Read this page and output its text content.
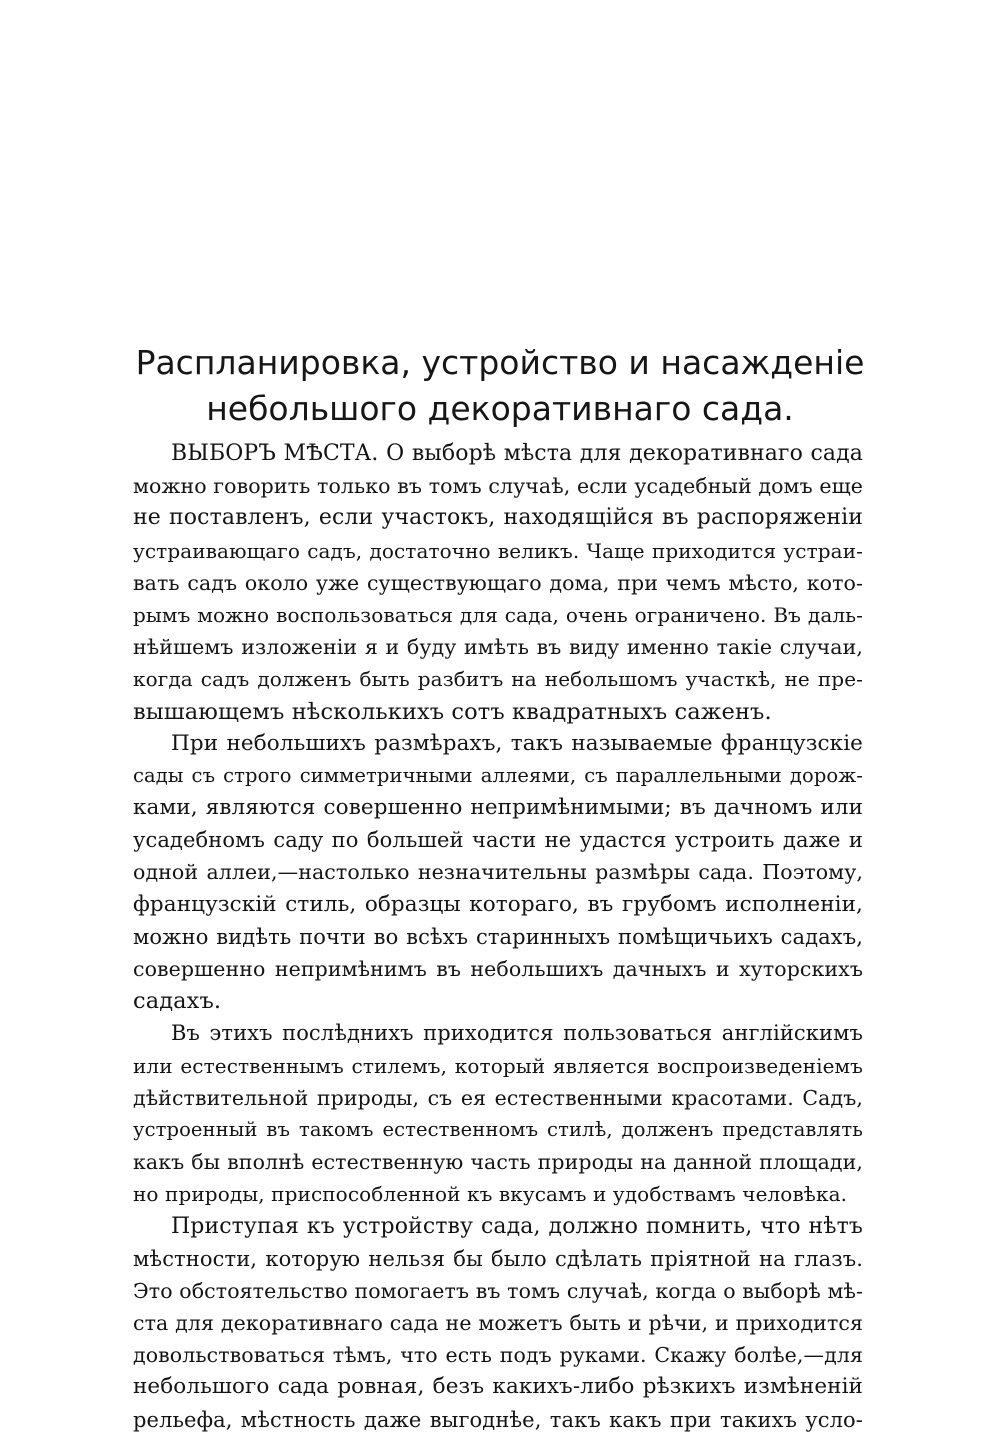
Распланировка, устройство и насажденіе
небольшого декоративнаго сада.
ВЫБОРЪ МѢСТА. О выборѣ мѣста для декоративнаго сада
можно говорить только въ томъ случаѣ, если усадебный домъ еще
не поставленъ, если участокъ, находящійся въ распоряженіи
устраивающаго садъ, достаточно великъ. Чаще приходится устраи-
вать садъ около уже существующаго дома, при чемъ мѣсто, кото-
рымъ можно воспользоваться для сада, очень ограничено. Въ даль-
нѣйшемъ изложеніи я и буду имѣть въ виду именно такіе случаи,
когда садъ долженъ быть разбитъ на небольшомъ участкѣ, не пре-
вышающемъ нѣсколькихъ сотъ квадратныхъ саженъ.
При небольшихъ размѣрахъ, такъ называемые французскіе
сады съ строго симметричными аллеями, съ параллельными дорож-
ками, являются совершенно непримѣнимыми; въ дачномъ или
усадебномъ саду по большей части не удастся устроить даже и
одной аллеи,—настолько незначительны размѣры сада. Поэтому,
французскій стиль, образцы котораго, въ грубомъ исполненіи,
можно видѣть почти во всѣхъ старинныхъ помѣщичьихъ садахъ,
совершенно непримѣнимъ въ небольшихъ дачныхъ и хуторскихъ
садахъ.
Въ этихъ послѣднихъ приходится пользоваться англійскимъ
или естественнымъ стилемъ, который является воспроизведеніемъ
дѣйствительной природы, съ ея естественными красотами. Садъ,
устроенный въ такомъ естественномъ стилѣ, долженъ представлять
какъ бы вполнѣ естественную часть природы на данной площади,
но природы, приспособленной къ вкусамъ и удобствамъ человѣка.
Приступая къ устройству сада, должно помнить, что нѣтъ
мѣстности, которую нельзя бы было сдѣлать пріятной на глазъ.
Это обстоятельство помогаетъ въ томъ случаѣ, когда о выборѣ мѣ-
ста для декоративнаго сада не можетъ быть и рѣчи, и приходится
довольствоваться тѣмъ, что есть подъ руками. Скажу болѣе,—для
небольшого сада ровная, безъ какихъ-либо рѣзкихъ измѣненій
рельефа, мѣстность даже выгоднѣе, такъ какъ при такихъ усло-
